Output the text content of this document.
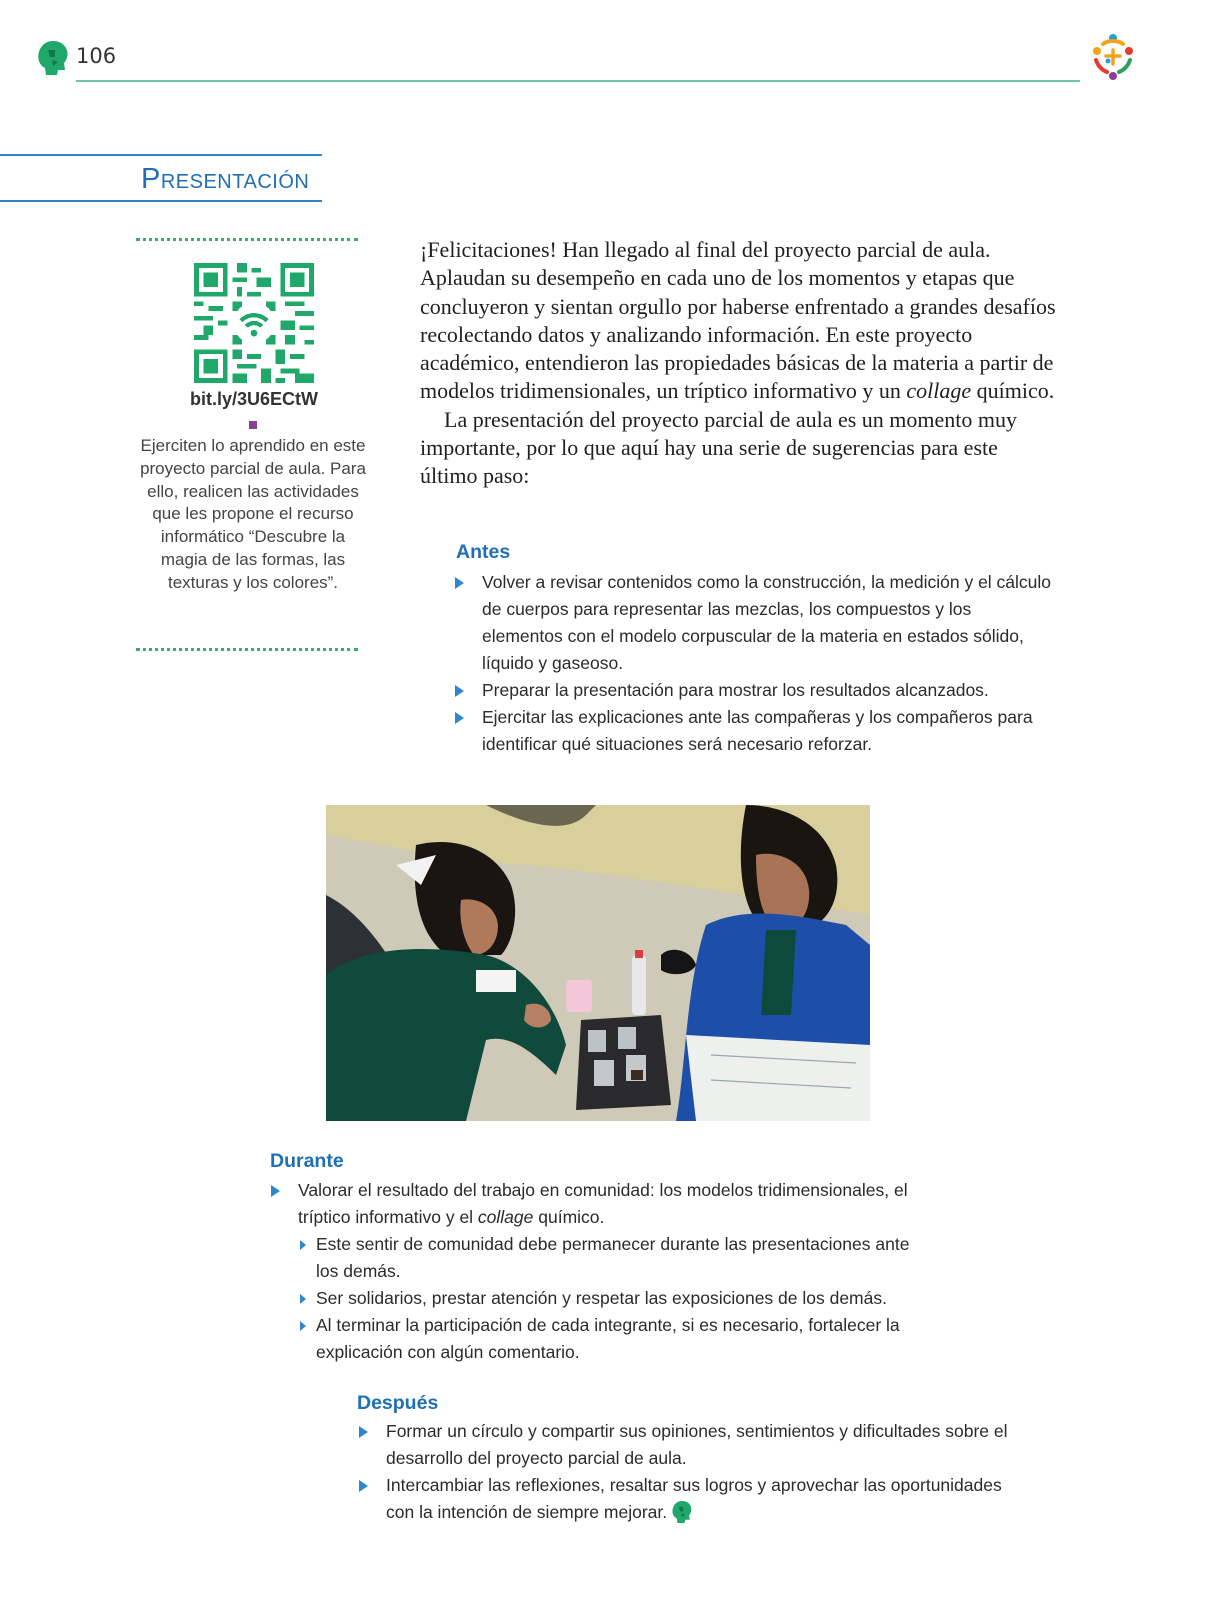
106
Presentación
bit.ly/3U6ECtW
Ejerciten lo aprendido en este proyecto parcial de aula. Para ello, realicen las actividades que les propone el recurso informático “Descubre la magia de las formas, las texturas y los colores”.

¡Felicitaciones! Han llegado al final del proyecto parcial de aula. Aplaudan su desempeño en cada uno de los momentos y etapas que concluyeron y sientan orgullo por haberse enfrentado a grandes desafíos recolectando datos y analizando información. En este proyecto académico, entendieron las propiedades básicas de la materia a partir de modelos tridimensionales, un tríptico informativo y un collage químico.

La presentación del proyecto parcial de aula es un momento muy importante, por lo que aquí hay una serie de sugerencias para este último paso:

Antes
Volver a revisar contenidos como la construcción, la medición y el cálculo de cuerpos para representar las mezclas, los compuestos y los elementos con el modelo corpuscular de la materia en estados sólido, líquido y gaseoso.
Preparar la presentación para mostrar los resultados alcanzados.
Ejercitar las explicaciones ante las compañeras y los compañeros para identificar qué situaciones será necesario reforzar.
Durante
Valorar el resultado del trabajo en comunidad: los modelos tridimensionales, el tríptico informativo y el collage químico.
Este sentir de comunidad debe permanecer durante las presentaciones ante los demás.
Ser solidarios, prestar atención y respetar las exposiciones de los demás.
Al terminar la participación de cada integrante, si es necesario, fortalecer la explicación con algún comentario.
Después
Formar un círculo y compartir sus opiniones, sentimientos y dificultades sobre el desarrollo del proyecto parcial de aula.
Intercambiar las reflexiones, resaltar sus logros y aprovechar las oportunidades con la intención de siempre mejorar.
